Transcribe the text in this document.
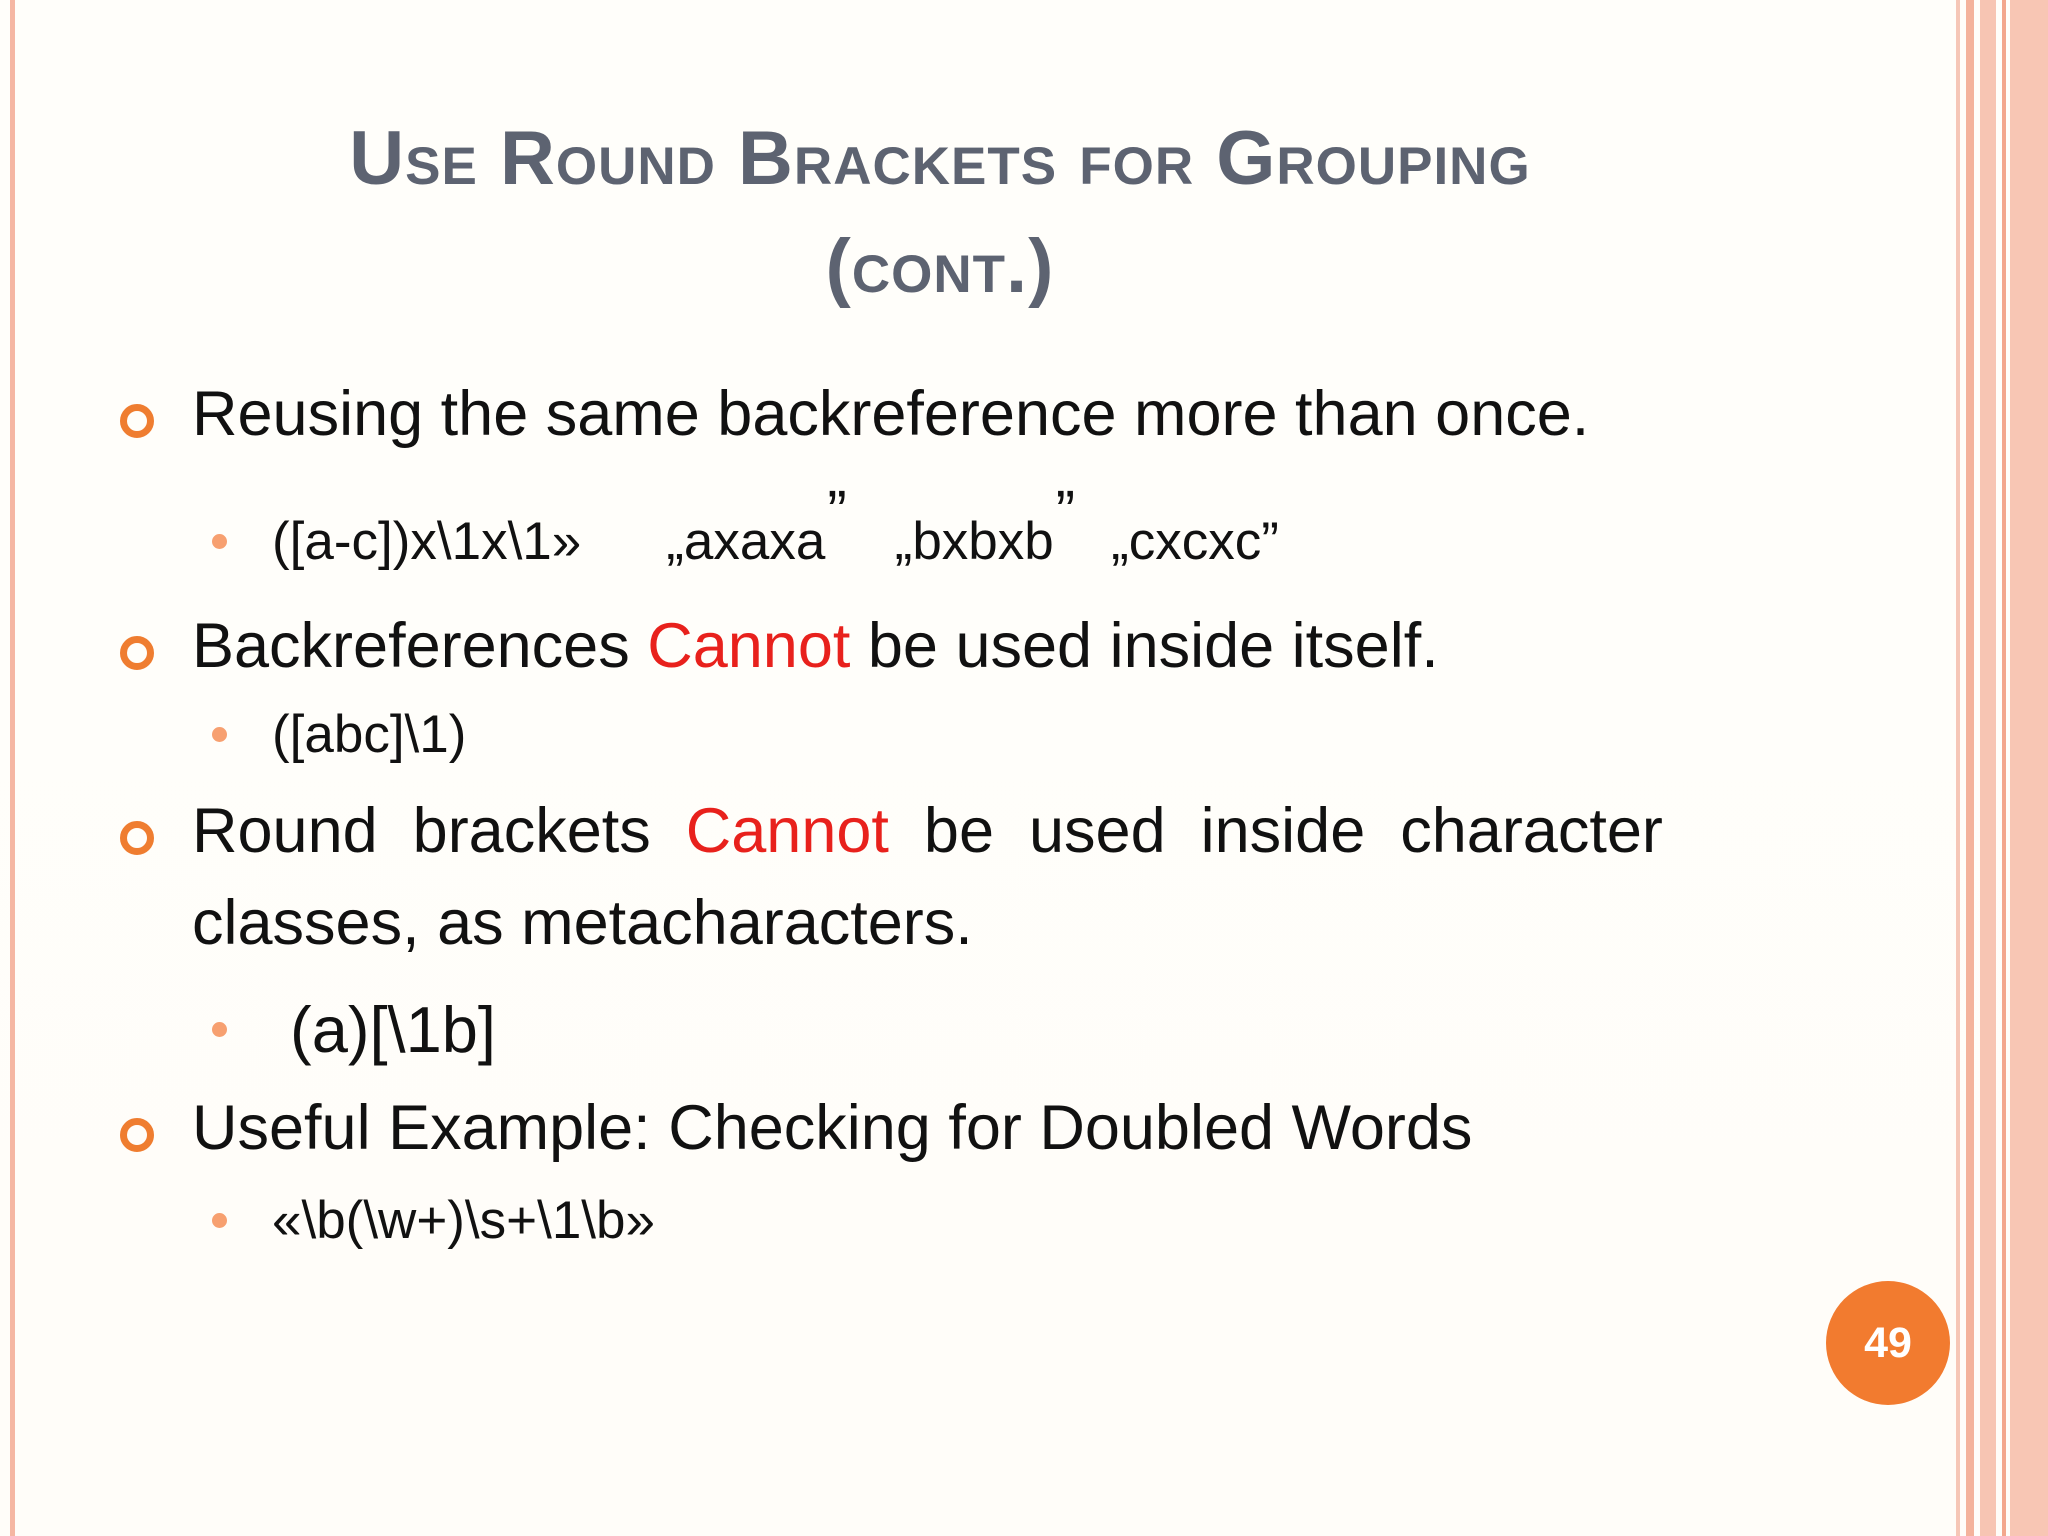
Use Round Brackets for Grouping
(cont.)
Reusing the same backreference more than once.
([a-c])x\1x\1» „axaxa ” „bxbxb ” „cxcxc”
Backreferences Cannot be used inside itself.
([abc]\1)
Round  brackets  Cannot  be  used  inside  character
classes, as metacharacters.
(a)[\1b]
Useful Example: Checking for Doubled Words
«\b(\w+)\s+\1\b»
49
